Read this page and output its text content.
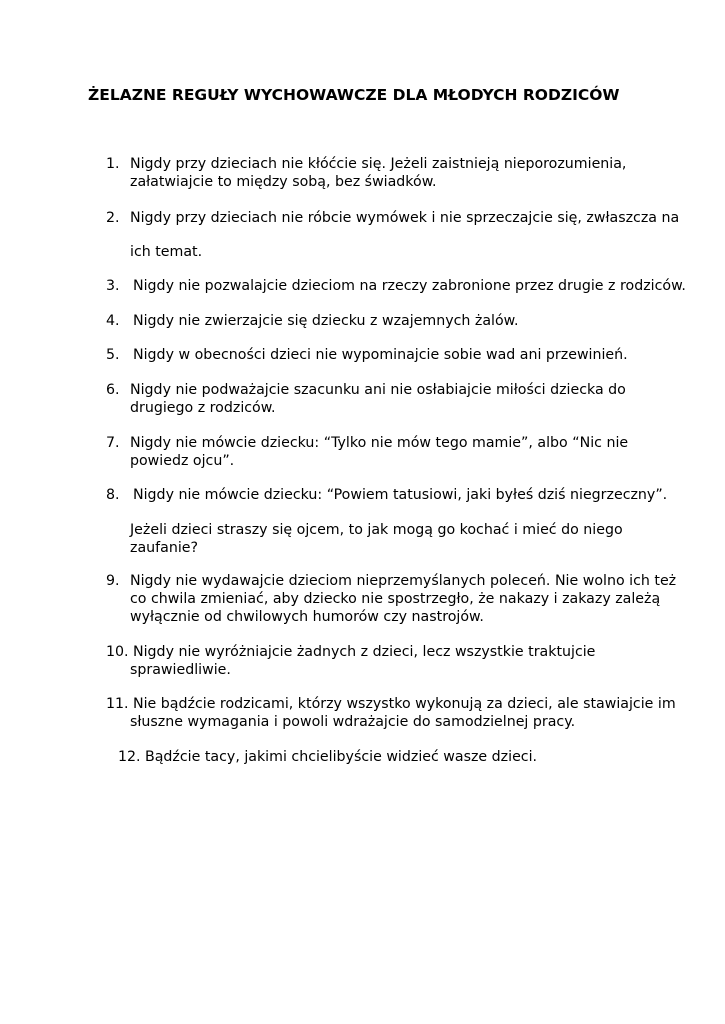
ŻELAZNE REGUŁY WYCHOWAWCZE DLA MŁODYCH RODZICÓW
1. Nigdy przy dzieciach nie kłóćcie się. Jeżeli zaistnieją nieporozumienia,
załatwiajcie to między sobą, bez świadków.
2. Nigdy przy dzieciach nie róbcie wymówek i nie sprzeczajcie się, zwłaszcza na
ich temat.
3. Nigdy nie pozwalajcie dzieciom na rzeczy zabronione przez drugie z rodziców.
4. Nigdy nie zwierzajcie się dziecku z wzajemnych żalów.
5. Nigdy w obecności dzieci nie wypominajcie sobie wad ani przewinień.
6. Nigdy nie podważajcie szacunku ani nie osłabiajcie miłości dziecka do
drugiego z rodziców.
7. Nigdy nie mówcie dziecku: “Tylko nie mów tego mamie”, albo “Nic nie
powiedz ojcu”.
8. Nigdy nie mówcie dziecku: “Powiem tatusiowi, jaki byłeś dziś niegrzeczny”.
Jeżeli dzieci straszy się ojcem, to jak mogą go kochać i mieć do niego
zaufanie?
9. Nigdy nie wydawajcie dzieciom nieprzemyślanych poleceń. Nie wolno ich też
co chwila zmieniać, aby dziecko nie spostrzegło, że nakazy i zakazy zależą
wyłącznie od chwilowych humorów czy nastrojów.
10. Nigdy nie wyróżniajcie żadnych z dzieci, lecz wszystkie traktujcie
sprawiedliwie.
11. Nie bądźcie rodzicami, którzy wszystko wykonują za dzieci, ale stawiajcie im
słuszne wymagania i powoli wdrażajcie do samodzielnej pracy.
12. Bądźcie tacy, jakimi chcielibyście widzieć wasze dzieci.
